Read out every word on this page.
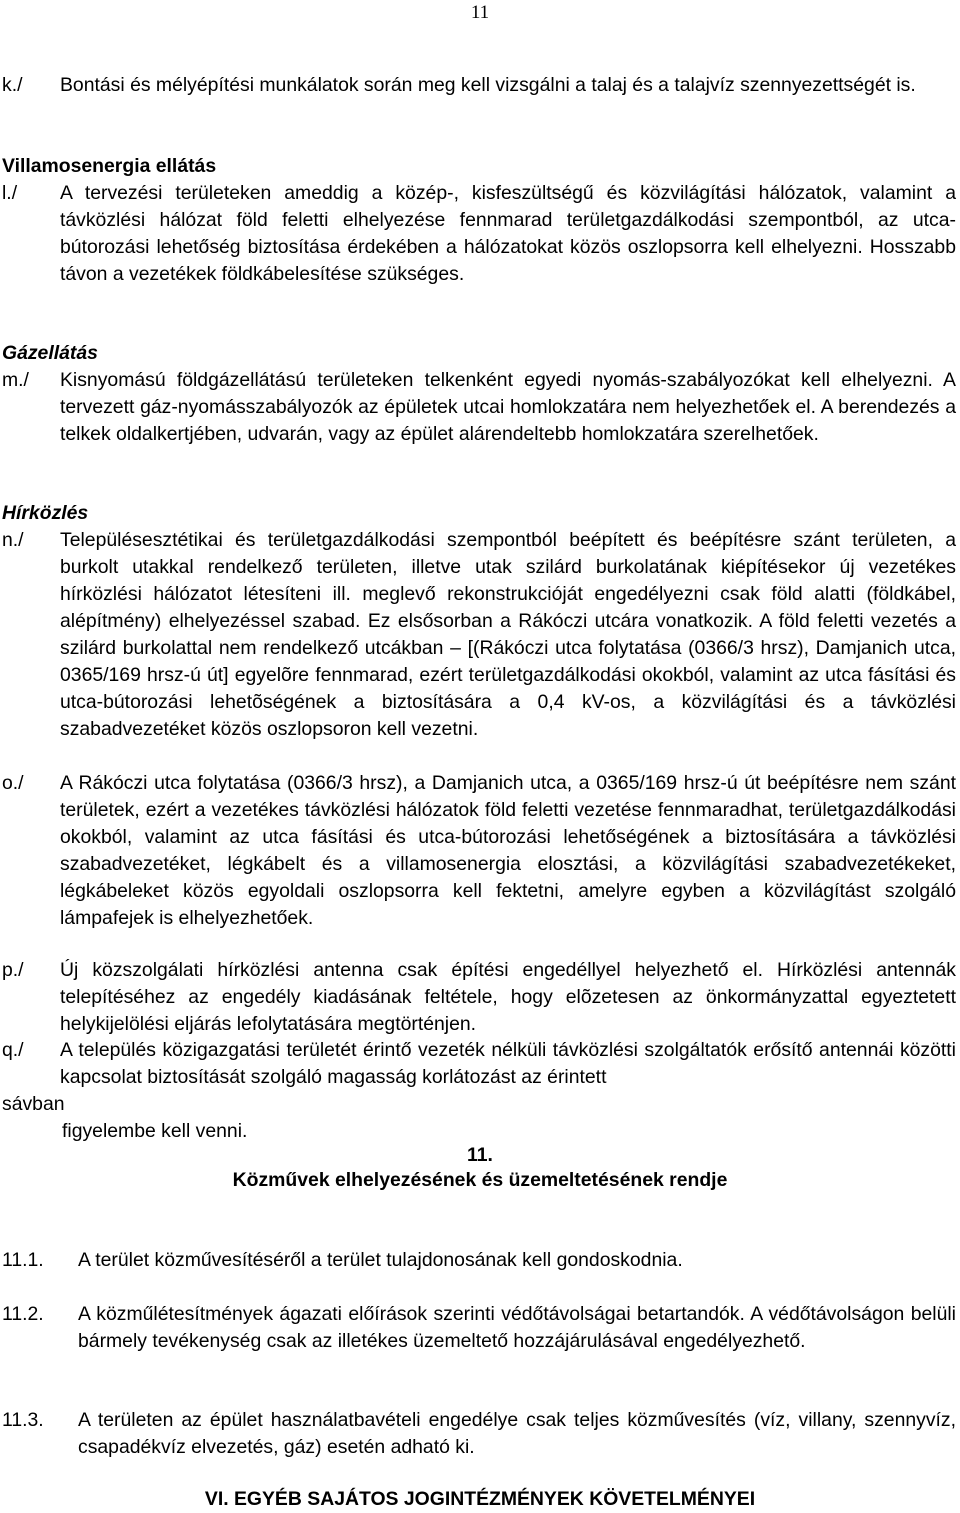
11
k./ Bontási és mélyépítési munkálatok során meg kell vizsgálni a talaj és a talajvíz szennyezettségét is.
Villamosenergia ellátás
l./ A tervezési területeken ameddig a közép-, kisfeszültségű és közvilágítási hálózatok, valamint a távközlési hálózat föld feletti elhelyezése fennmarad területgazdálkodási szempontból, az utca-bútorozási lehetőség biztosítása érdekében a hálózatokat közös oszlopsorra kell elhelyezni. Hosszabb távon a vezetékek földkábelesítése szükséges.
Gázellátás
m./ Kisnyomású földgázellátású területeken telkenként egyedi nyomás-szabályozókat kell elhelyezni. A tervezett gáz-nyomásszabályozók az épületek utcai homlokzatára nem helyezhetőek el. A berendezés a telkek oldalkertjében, udvarán, vagy az épület alárendeltebb homlokzatára szerelhetőek.
Hírközlés
n./ Településesztétikai és területgazdálkodási szempontból beépített és beépítésre szánt területen, a burkolt utakkal rendelkező területen, illetve utak szilárd burkolatának kiépítésekor új vezetékes hírközlési hálózatot létesíteni ill. meglevő rekonstrukcióját engedélyezni csak föld alatti (földkábel, alépítmény) elhelyezéssel szabad. Ez elsősorban a Rákóczi utcára vonatkozik. A föld feletti vezetés a szilárd burkolattal nem rendelkező utcákban – [(Rákóczi utca folytatása (0366/3 hrsz), Damjanich utca, 0365/169 hrsz-ú út] egyelõre fennmarad, ezért területgazdálkodási okokból, valamint az utca fásítási és utca-bútorozási lehetõségének a biztosítására a 0,4 kV-os, a közvilágítási és a távközlési szabadvezetéket közös oszlopsoron kell vezetni.
o./ A Rákóczi utca folytatása (0366/3 hrsz), a Damjanich utca, a 0365/169 hrsz-ú út beépítésre nem szánt területek, ezért a vezetékes távközlési hálózatok föld feletti vezetése fennmaradhat, területgazdálkodási okokból, valamint az utca fásítási és utca-bútorozási lehetőségének a biztosítására a távközlési szabadvezetéket, légkábelt és a villamosenergia elosztási, a közvilágítási szabadvezetékeket, légkábeleket közös egyoldali oszlopsorra kell fektetni, amelyre egyben a közvilágítást szolgáló lámpafejek is elhelyezhetőek.
p./ Új közszolgálati hírközlési antenna csak építési engedéllyel helyezhető el. Hírközlési antennák telepítéséhez az engedély kiadásának feltétele, hogy elõzetesen az önkormányzattal egyeztetett helykijelölési eljárás lefolytatására megtörténjen.
q./ A település közigazgatási területét érintő vezeték nélküli távközlési szolgáltatók erősítő antennái közötti kapcsolat biztosítását szolgáló magasság korlátozást az érintett
sávban
figyelembe kell venni.
11.
Közművek elhelyezésének és üzemeltetésének rendje
11.1. A terület közművesítéséről a terület tulajdonosának kell gondoskodnia.
11.2. A közműlétesítmények ágazati előírások szerinti védőtávolságai betartandók. A védőtávolságon belüli bármely tevékenység csak az illetékes üzemeltető hozzájárulásával engedélyezhető.
11.3. A területen az épület használatbavételi engedélye csak teljes közművesítés (víz, villany, szennyvíz, csapadékvíz elvezetés, gáz) esetén adható ki.
VI. EGYÉB SAJÁTOS JOGINTÉZMÉNYEK KÖVETELMÉNYEI
